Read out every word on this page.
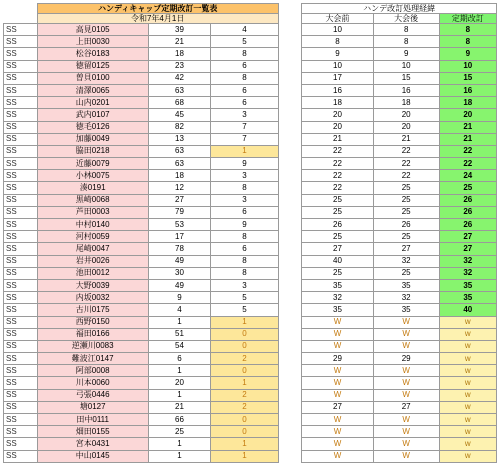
	ハンディキャップ定期改訂一覧表				ハンデ改訂処理経緯		
	令和7年4月1日				大会前	大会後	定期改訂
SS	高見0105	39	4		10	8	8
SS	上田0030	21	5		8	8	8
SS	松谷0183	18	8		9	9	9
SS	徳留0125	23	6		10	10	10
SS	曽貝0100	42	8		17	15	15
SS	清澤0065	63	6		16	16	16
SS	山内0201	68	6		18	18	18
SS	武内0107	45	3		20	20	20
SS	徳毛0126	82	7		20	20	21
SS	加藤0049	13	7		21	21	21
SS	脇田0218	63	1		22	22	22
SS	近藤0079	63	9		22	22	22
SS	小林0075	18	3		22	22	24
SS	湊0191	12	8		22	25	25
SS	黒崎0068	27	3		25	25	26
SS	芦田0003	79	6		25	25	26
SS	中村0140	53	9		26	26	26
SS	河村0059	17	8		25	25	27
SS	尾崎0047	78	6		27	27	27
SS	岩井0026	49	8		40	32	32
SS	池田0012	30	8		25	25	32
SS	大野0039	49	3		35	35	35
SS	内坂0032	9	5		32	32	35
SS	古川0175	4	5		35	35	40
SS	西野0150	1	1		W	W	w
SS	福田0166	51	0		W	W	w
SS	逆瀬川0083	54	0		W	W	w
SS	難波江0147	6	2		29	29	w
SS	阿部0008	1	0		W	W	w
SS	川本0060	20	1		W	W	w
SS	弓張0446	1	2		W	W	w
SS	塘0127	21	2		27	27	w
SS	田中0111	66	0		W	W	w
SS	畑田0155	25	0		W	W	w
SS	宮本0431	1	1		W	W	w
SS	中山0145	1	1		W	W	w
